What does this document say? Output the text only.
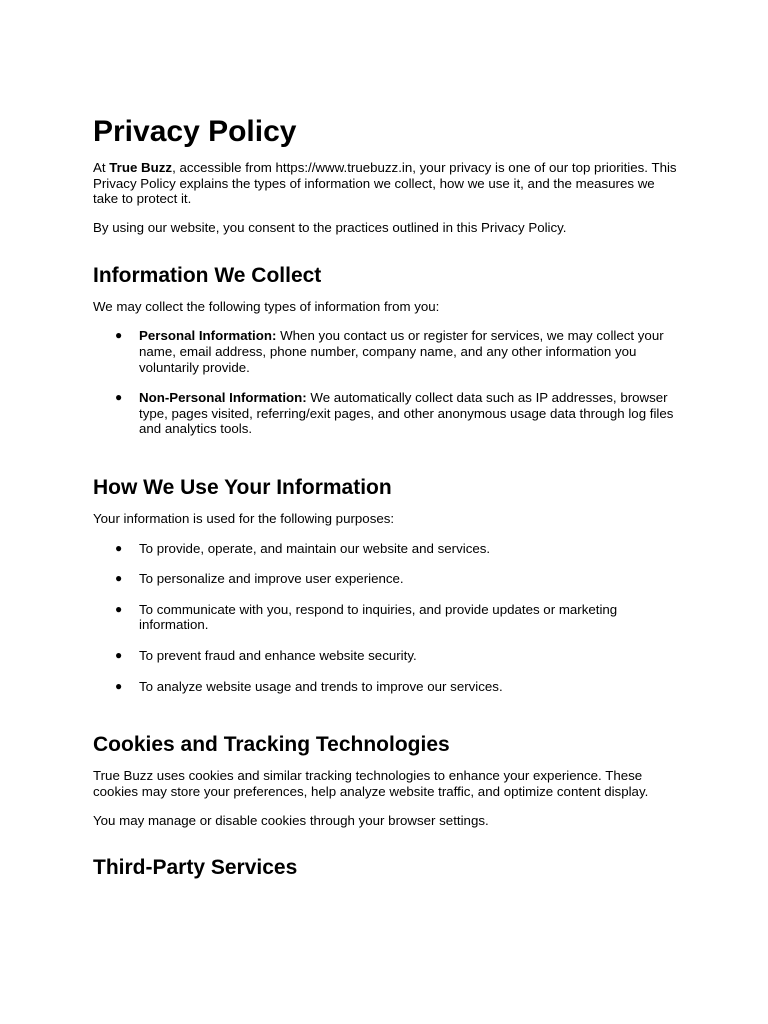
Privacy Policy

At True Buzz, accessible from https://www.truebuzz.in, your privacy is one of our top priorities. This Privacy Policy explains the types of information we collect, how we use it, and the measures we take to protect it.

By using our website, you consent to the practices outlined in this Privacy Policy.

Information We Collect

We may collect the following types of information from you:

● Personal Information: When you contact us or register for services, we may collect your name, email address, phone number, company name, and any other information you voluntarily provide.
● Non-Personal Information: We automatically collect data such as IP addresses, browser type, pages visited, referring/exit pages, and other anonymous usage data through log files and analytics tools.
How We Use Your Information

Your information is used for the following purposes:

● To provide, operate, and maintain our website and services.
● To personalize and improve user experience.
● To communicate with you, respond to inquiries, and provide updates or marketing information.
● To prevent fraud and enhance website security.
● To analyze website usage and trends to improve our services.
Cookies and Tracking Technologies

True Buzz uses cookies and similar tracking technologies to enhance your experience. These cookies may store your preferences, help analyze website traffic, and optimize content display.

You may manage or disable cookies through your browser settings.

Third-Party Services
